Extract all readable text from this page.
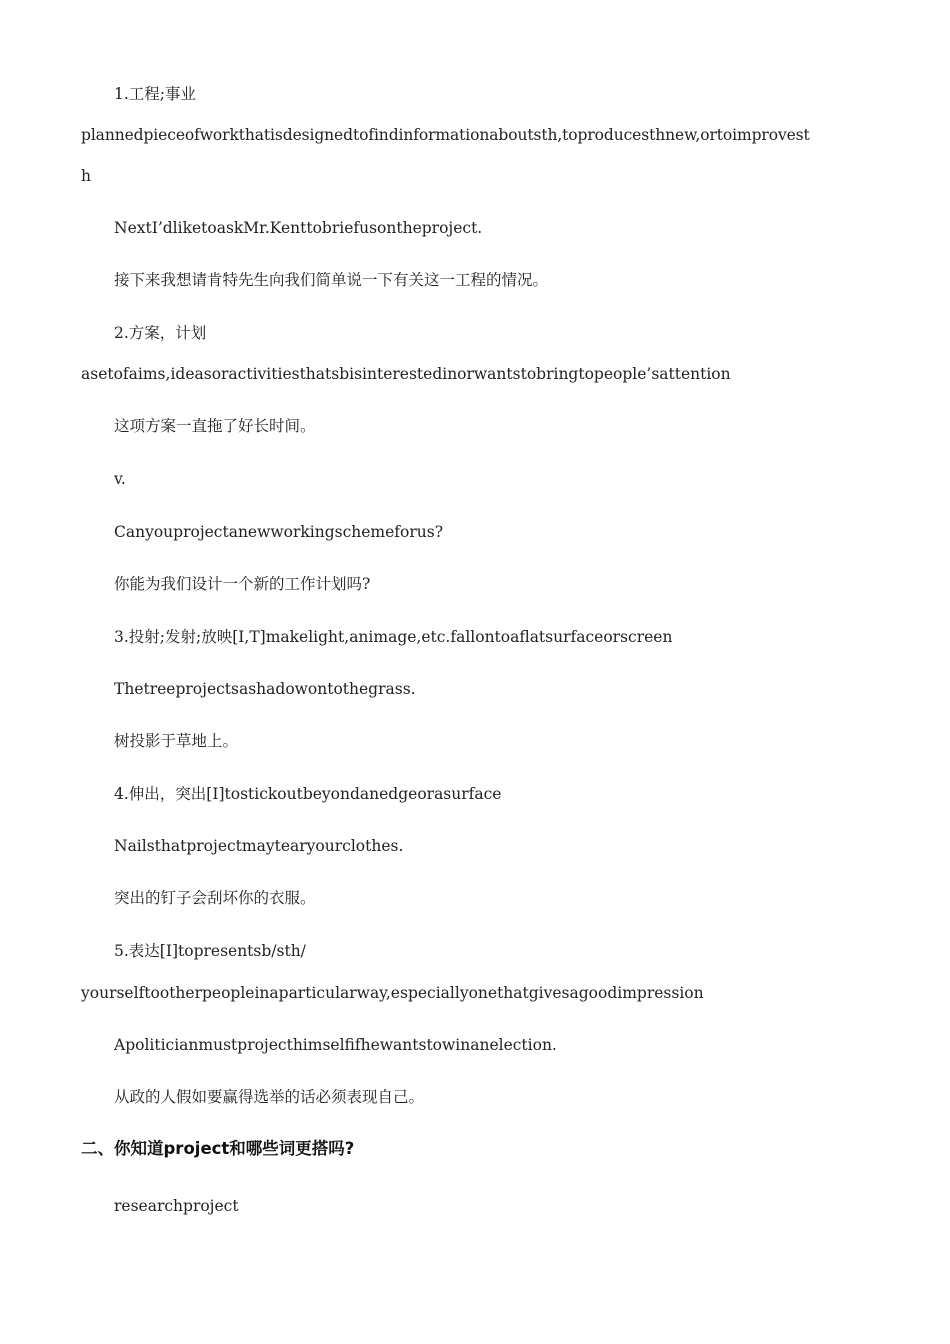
1.工程;事业
plannedpieceofworkthatisdesignedtofindinformationaboutsth,toproducesthnew,ortoimprovest
h
NextI’dliketoaskMr.Kenttobriefusontheproject.
接下来我想请肯特先生向我们简单说一下有关这一工程的情况。
2.方案，计划
asetofaims,ideasoractivitiesthatsbisinterestedinorwantstobringtopeople’sattention
这项方案一直拖了好长时间。
v.
Canyouprojectanewworkingschemeforus?
你能为我们设计一个新的工作计划吗?
3.投射;发射;放映[I,T]makelight,animage,etc.fallontoaflatsurfaceorscreen
Thetreeprojectsashadowontothegrass.
树投影于草地上。
4.伸出，突出[I]tostickoutbeyondanedgeorasurface
Nailsthatprojectmaytearyourclothes.
突出的钉子会刮坏你的衣服。
5.表达[I]topresentsb/sth/
yourselftootherpeopleinaparticularway,especiallyonethatgivesagoodimpression
Apoliticianmustprojecthimselfifhewantstowinanelection.
从政的人假如要赢得选举的话必须表现自己。
二、你知道project和哪些词更搭吗?
researchproject
